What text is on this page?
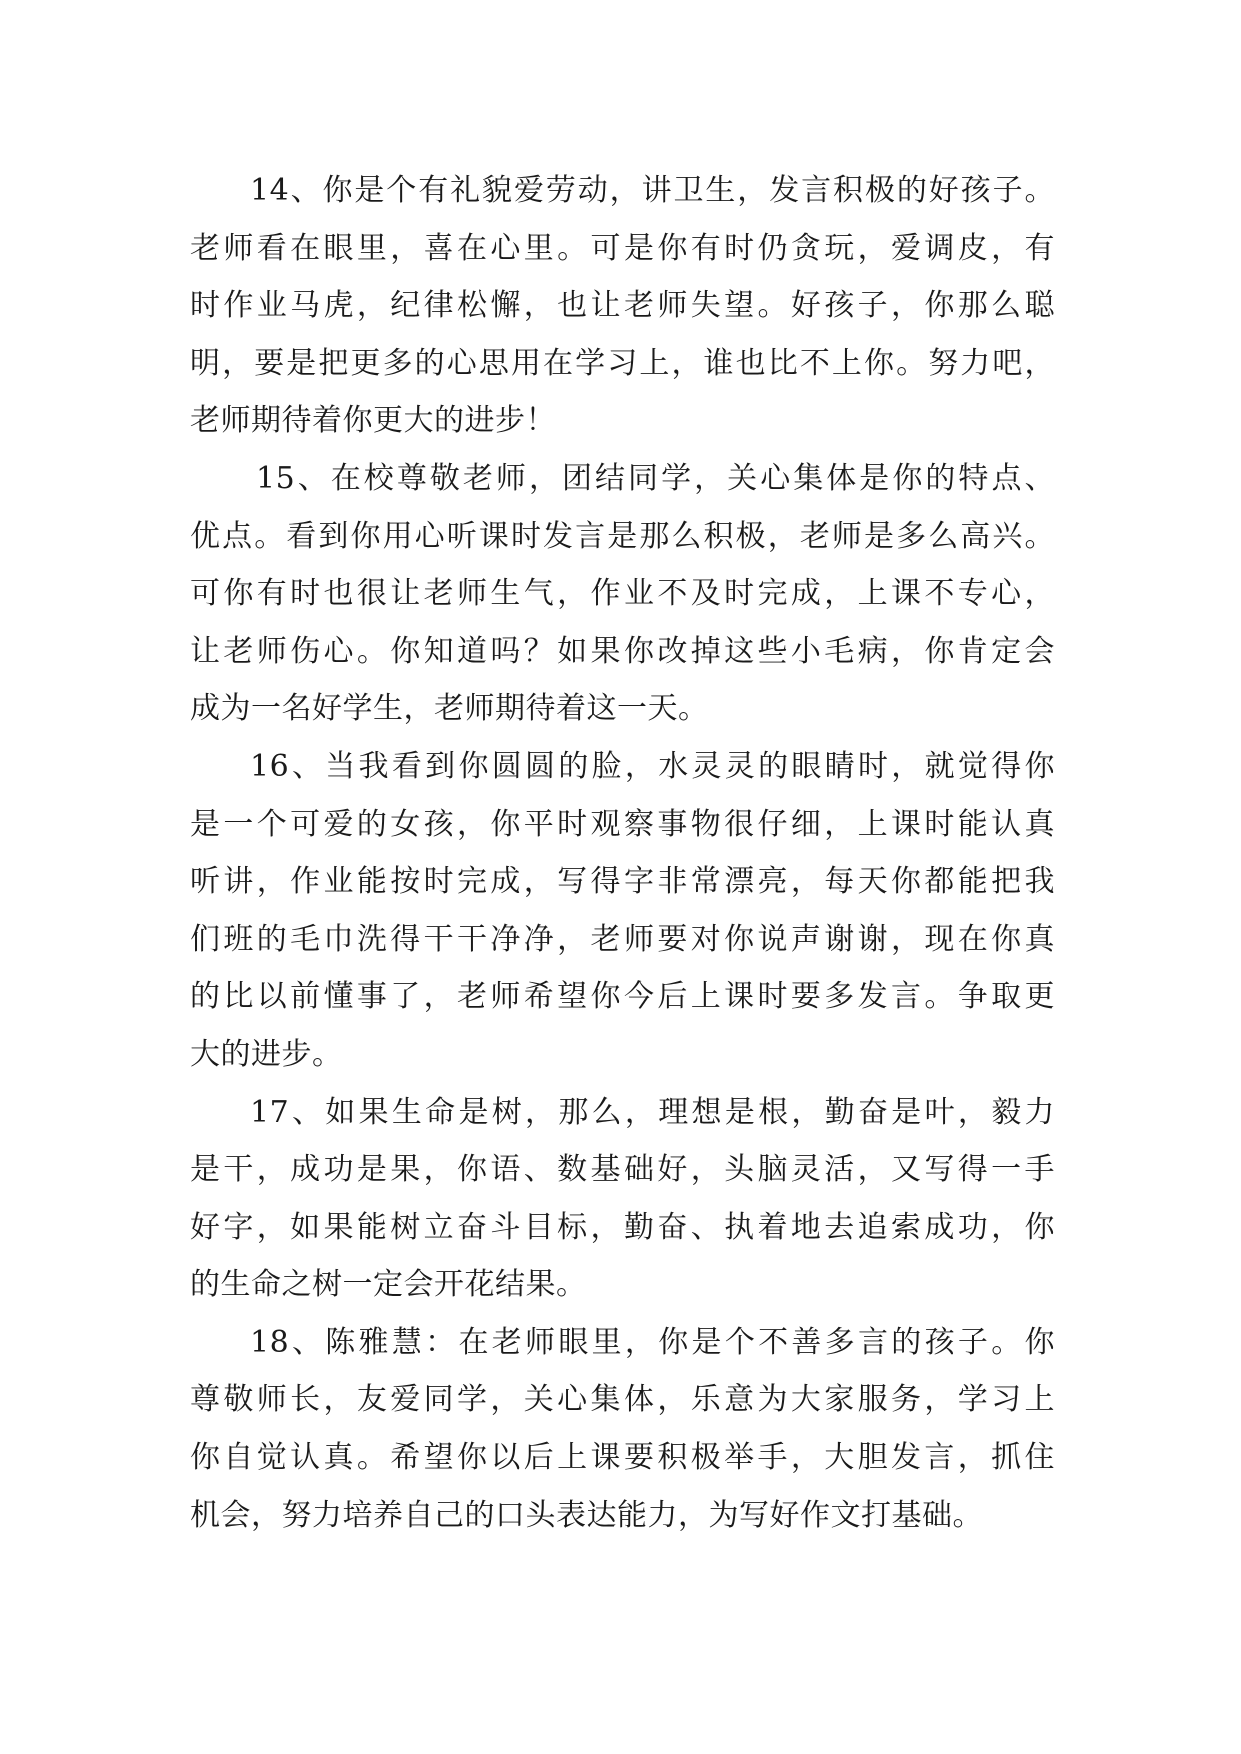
14、你是个有礼貌爱劳动，讲卫生，发言积极的好孩子。
老师看在眼里，喜在心里。可是你有时仍贪玩，爱调皮，有
时作业马虎，纪律松懈，也让老师失望。好孩子，你那么聪
明，要是把更多的心思用在学习上，谁也比不上你。努力吧，
老师期待着你更大的进步！

15、在校尊敬老师，团结同学，关心集体是你的特点、
优点。看到你用心听课时发言是那么积极，老师是多么高兴。
可你有时也很让老师生气，作业不及时完成，上课不专心，
让老师伤心。你知道吗？如果你改掉这些小毛病，你肯定会
成为一名好学生，老师期待着这一天。

16、当我看到你圆圆的脸，水灵灵的眼睛时，就觉得你
是一个可爱的女孩，你平时观察事物很仔细，上课时能认真
听讲，作业能按时完成，写得字非常漂亮，每天你都能把我
们班的毛巾洗得干干净净，老师要对你说声谢谢，现在你真
的比以前懂事了，老师希望你今后上课时要多发言。争取更
大的进步。

17、如果生命是树，那么，理想是根，勤奋是叶，毅力
是干，成功是果，你语、数基础好，头脑灵活，又写得一手
好字，如果能树立奋斗目标，勤奋、执着地去追索成功，你
的生命之树一定会开花结果。

18、陈雅慧：在老师眼里，你是个不善多言的孩子。你
尊敬师长，友爱同学，关心集体，乐意为大家服务，学习上
你自觉认真。希望你以后上课要积极举手，大胆发言，抓住
机会，努力培养自己的口头表达能力，为写好作文打基础。
